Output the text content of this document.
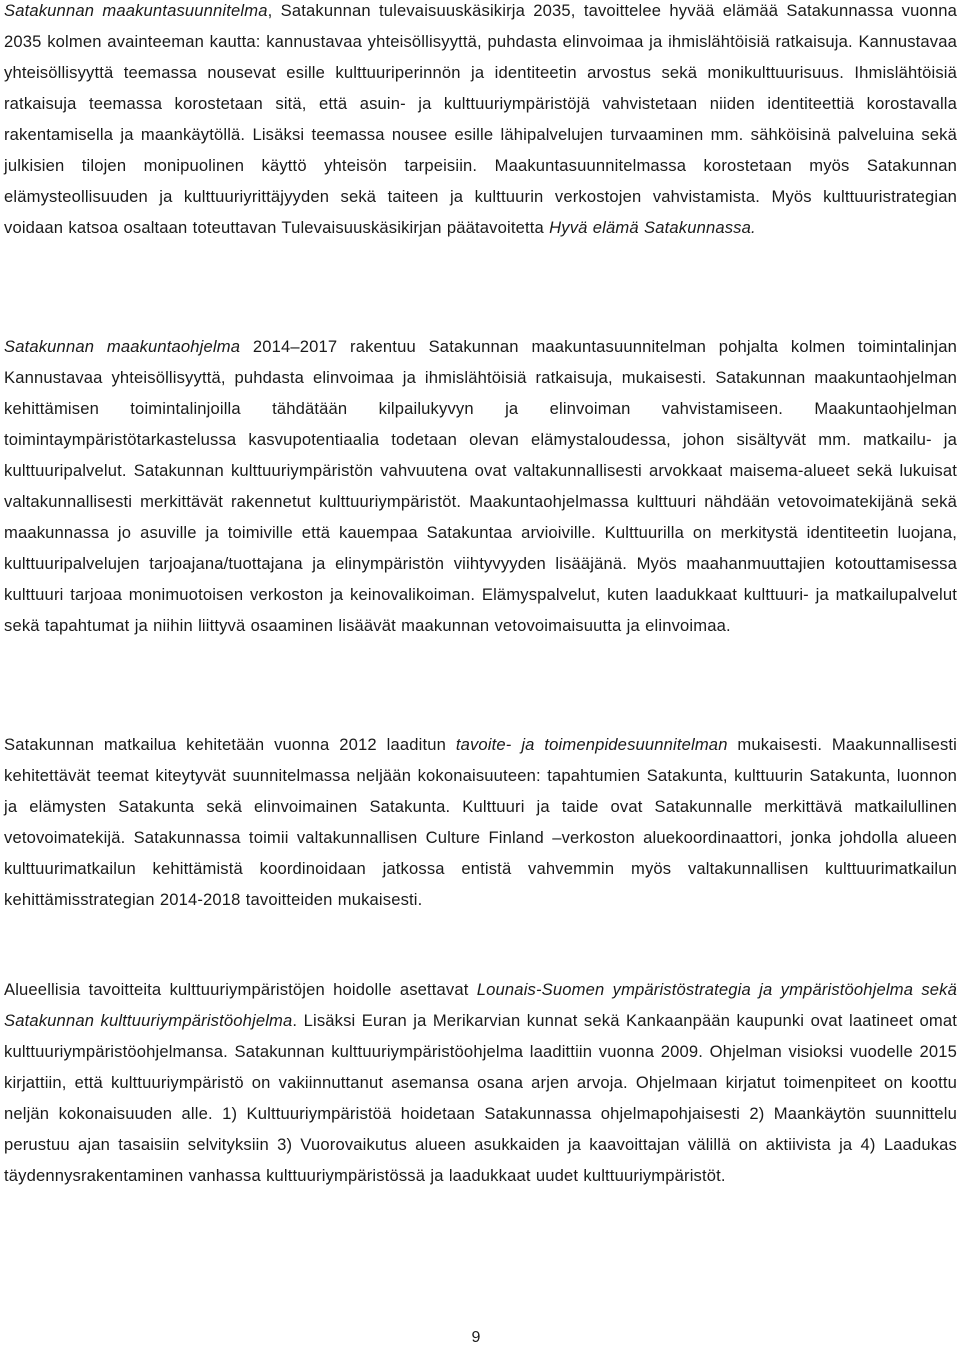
Satakunnan maakuntasuunnitelma, Satakunnan tulevaisuuskäsikirja 2035, tavoittelee hyvää elämää Satakunnassa vuonna 2035 kolmen avainteeman kautta: kannustavaa yhteisöllisyyttä, puhdasta elinvoimaa ja ihmislähtöisiä ratkaisuja. Kannustavaa yhteisöllisyyttä teemassa nousevat esille kulttuuriperinnön ja identiteetin arvostus sekä monikulttuurisuus. Ihmislähtöisiä ratkaisuja teemassa korostetaan sitä, että asuin- ja kulttuuriympäristöjä vahvistetaan niiden identiteettiä korostavalla rakentamisella ja maankäytöllä. Lisäksi teemassa nousee esille lähipalvelujen turvaaminen mm. sähköisinä palveluina sekä julkisien tilojen monipuolinen käyttö yhteisön tarpeisiin. Maakuntasuunnitelmassa korostetaan myös Satakunnan elämysteollisuuden ja kulttuuriyrittäjyyden sekä taiteen ja kulttuurin verkostojen vahvistamista. Myös kulttuuristrategian voidaan katsoa osaltaan toteuttavan Tulevaisuuskäsikirjan päätavoitetta Hyvä elämä Satakunnassa.

Satakunnan maakuntaohjelma 2014–2017 rakentuu Satakunnan maakuntasuunnitelman pohjalta kolmen toimintalinjan Kannustavaa yhteisöllisyyttä, puhdasta elinvoimaa ja ihmislähtöisiä ratkaisuja, mukaisesti. Satakunnan maakuntaohjelman kehittämisen toimintalinjoilla tähdätään kilpailukyvyn ja elinvoiman vahvistamiseen. Maakuntaohjelman toimintaympäristötarkastelussa kasvupotentiaalia todetaan olevan elämystaloudessa, johon sisältyvät mm. matkailu- ja kulttuuripalvelut. Satakunnan kulttuuriympäristön vahvuutena ovat valtakunnallisesti arvokkaat maisema-alueet sekä lukuisat valtakunnallisesti merkittävät rakennetut kulttuuriympäristöt. Maakuntaohjelmassa kulttuuri nähdään vetovoimatekijänä sekä maakunnassa jo asuville ja toimiville että kauempaa Satakuntaa arvioiville. Kulttuurilla on merkitystä identiteetin luojana, kulttuuripalvelujen tarjoajana/tuottajana ja elinympäristön viihtyvyyden lisääjänä. Myös maahanmuuttajien kotouttamisessa kulttuuri tarjoaa monimuotoisen verkoston ja keinovalikoiman. Elämyspalvelut, kuten laadukkaat kulttuuri- ja matkailupalvelut sekä tapahtumat ja niihin liittyvä osaaminen lisäävät maakunnan vetovoimaisuutta ja elinvoimaa.

Satakunnan matkailua kehitetään vuonna 2012 laaditun tavoite- ja toimenpidesuunnitelman mukaisesti. Maakunnallisesti kehitettävät teemat kiteytyvät suunnitelmassa neljään kokonaisuuteen: tapahtumien Satakunta, kulttuurin Satakunta, luonnon ja elämysten Satakunta sekä elinvoimainen Satakunta. Kulttuuri ja taide ovat Satakunnalle merkittävä matkailullinen vetovoimatekijä. Satakunnassa toimii valtakunnallisen Culture Finland –verkoston aluekoordinaattori, jonka johdolla alueen kulttuurimatkailun kehittämistä koordinoidaan jatkossa entistä vahvemmin myös valtakunnallisen kulttuurimatkailun kehittämisstrategian 2014-2018 tavoitteiden mukaisesti.

Alueellisia tavoitteita kulttuuriympäristöjen hoidolle asettavat Lounais-Suomen ympäristöstrategia ja ympäristöohjelma sekä Satakunnan kulttuuriympäristöohjelma. Lisäksi Euran ja Merikarvian kunnat sekä Kankaanpään kaupunki ovat laatineet omat kulttuuriympäristöohjelmansa. Satakunnan kulttuuriympäristöohjelma laadittiin vuonna 2009. Ohjelman visioksi vuodelle 2015 kirjattiin, että kulttuuriympäristö on vakiinnuttanut asemansa osana arjen arvoja. Ohjelmaan kirjatut toimenpiteet on koottu neljän kokonaisuuden alle. 1) Kulttuuriympäristöä hoidetaan Satakunnassa ohjelmapohjaisesti 2) Maankäytön suunnittelu perustuu ajan tasaisiin selvityksiin 3) Vuorovaikutus alueen asukkaiden ja kaavoittajan välillä on aktiivista ja 4) Laadukas täydennysrakentaminen vanhassa kulttuuriympäristössä ja laadukkaat uudet kulttuuriympäristöt.

9
